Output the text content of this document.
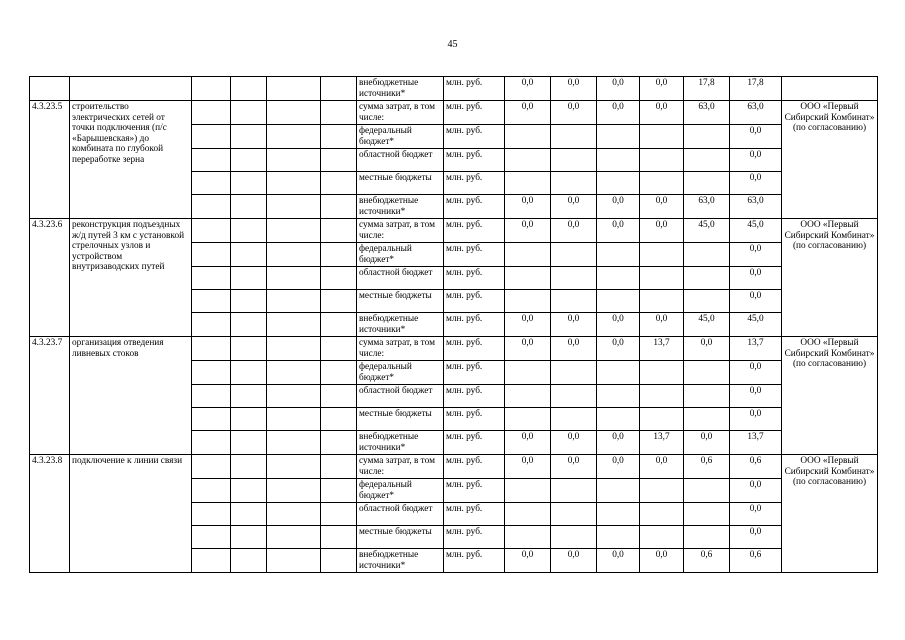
45
						внебюджетные источники*	млн. руб.	0,0	0,0	0,0	0,0	17,8	17,8	
4.3.23.5	строительство электрических сетей от точки подключения (п/с «Барышевская») до комбината по глубокой переработке зерна					сумма затрат, в том числе:	млн. руб.	0,0	0,0	0,0	0,0	63,0	63,0	ООО «Первый Сибирский Комбинат» (по согласованию)
						федеральный бюджет*	млн. руб.						0,0	
						областной бюджет	млн. руб.						0,0	
						местные бюджеты	млн. руб.						0,0	
						внебюджетные источники*	млн. руб.	0,0	0,0	0,0	0,0	63,0	63,0	
4.3.23.6	реконструкция подъездных ж/д путей 3 км с установкой стрелочных узлов и устройством внутризаводских путей					сумма затрат, в том числе:	млн. руб.	0,0	0,0	0,0	0,0	45,0	45,0	ООО «Первый Сибирский Комбинат» (по согласованию)
						федеральный бюджет*	млн. руб.						0,0	
						областной бюджет	млн. руб.						0,0	
						местные бюджеты	млн. руб.						0,0	
						внебюджетные источники*	млн. руб.	0,0	0,0	0,0	0,0	45,0	45,0	
4.3.23.7	организация отведения ливневых стоков					сумма затрат, в том числе:	млн. руб.	0,0	0,0	0,0	13,7	0,0	13,7	ООО «Первый Сибирский Комбинат» (по согласованию)
						федеральный бюджет*	млн. руб.						0,0	
						областной бюджет	млн. руб.						0,0	
						местные бюджеты	млн. руб.						0,0	
						внебюджетные источники*	млн. руб.	0,0	0,0	0,0	13,7	0,0	13,7	
4.3.23.8	подключение к линии связи					сумма затрат, в том числе:	млн. руб.	0,0	0,0	0,0	0,0	0,6	0,6	ООО «Первый Сибирский Комбинат» (по согласованию)
						федеральный бюджет*	млн. руб.						0,0	
						областной бюджет	млн. руб.						0,0	
						местные бюджеты	млн. руб.						0,0	
						внебюджетные источники*	млн. руб.	0,0	0,0	0,0	0,0	0,6	0,6	
